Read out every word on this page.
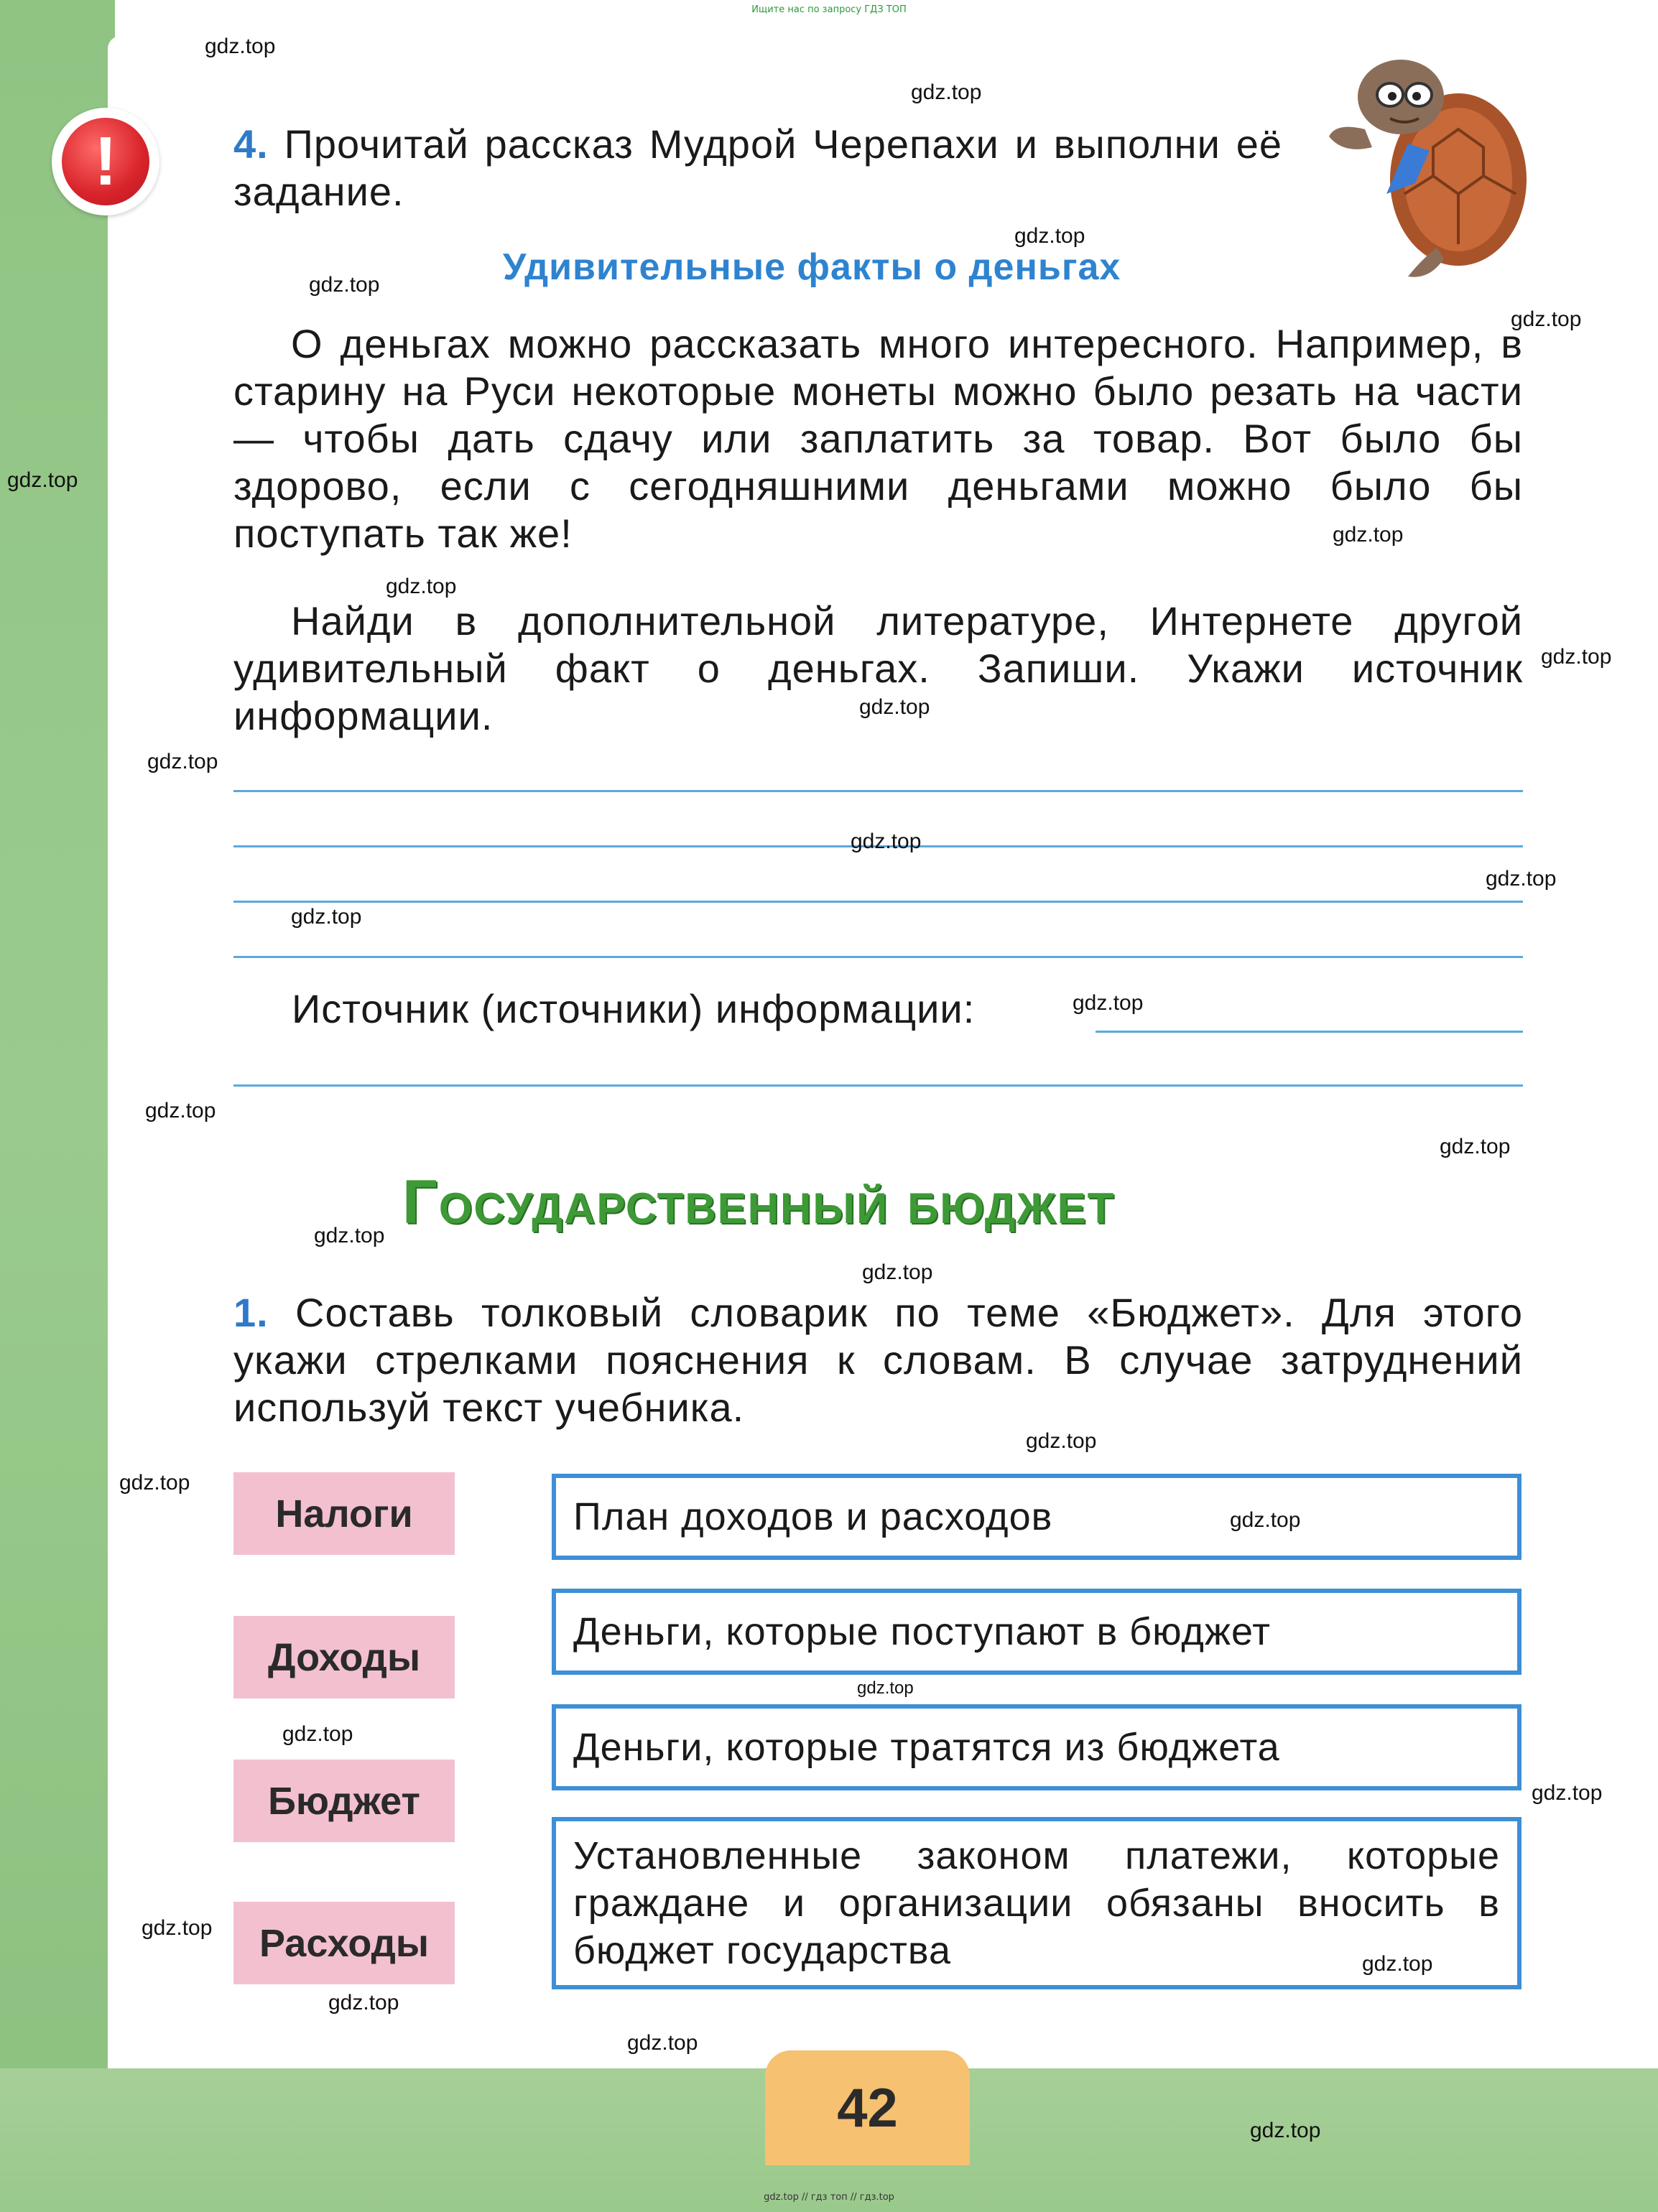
Ищите нас по запросу ГДЗ ТОП
!	4. Прочитай рассказ Мудрой Черепахи и выполни её задание.

Удивительные факты о деньгах

О деньгах можно рассказать много интересного. Например, в старину на Руси некоторые монеты можно было резать на части — чтобы дать сдачу или заплатить за товар. Вот было бы здорово, если с сегодняшними деньгами можно было бы поступать так же!

Найди в дополнительной литературе, Интернете другой удивительный факт о деньгах. Запиши. Укажи источник информации.

Источник (источники) информации:
Государственный бюджет

1. Составь толковый словарик по теме «Бюджет». Для этого укажи стрелками пояснения к словам. В случае затруднений используй текст учебника.

Налоги
Доходы
Бюджет
Расходы
План доходов и расходов
Деньги, которые поступают в бюджет
Деньги, которые тратятся из бюджета
Установленные законом платежи, которые граждане и организации обязаны вносить в бюджет государства
42
gdz.top
gdz.top
gdz.top
gdz.top
gdz.top
gdz.top
gdz.top
gdz.top
gdz.top
gdz.top
gdz.top
gdz.top
gdz.top
gdz.top
gdz.top
gdz.top
gdz.top
gdz.top
gdz.top
gdz.top
gdz.top
gdz.top
gdz.top
gdz.top
gdz.top
gdz.top
gdz.top
gdz.top
gdz.top
gdz.top
gdz.top // гдз топ // гдз.top
